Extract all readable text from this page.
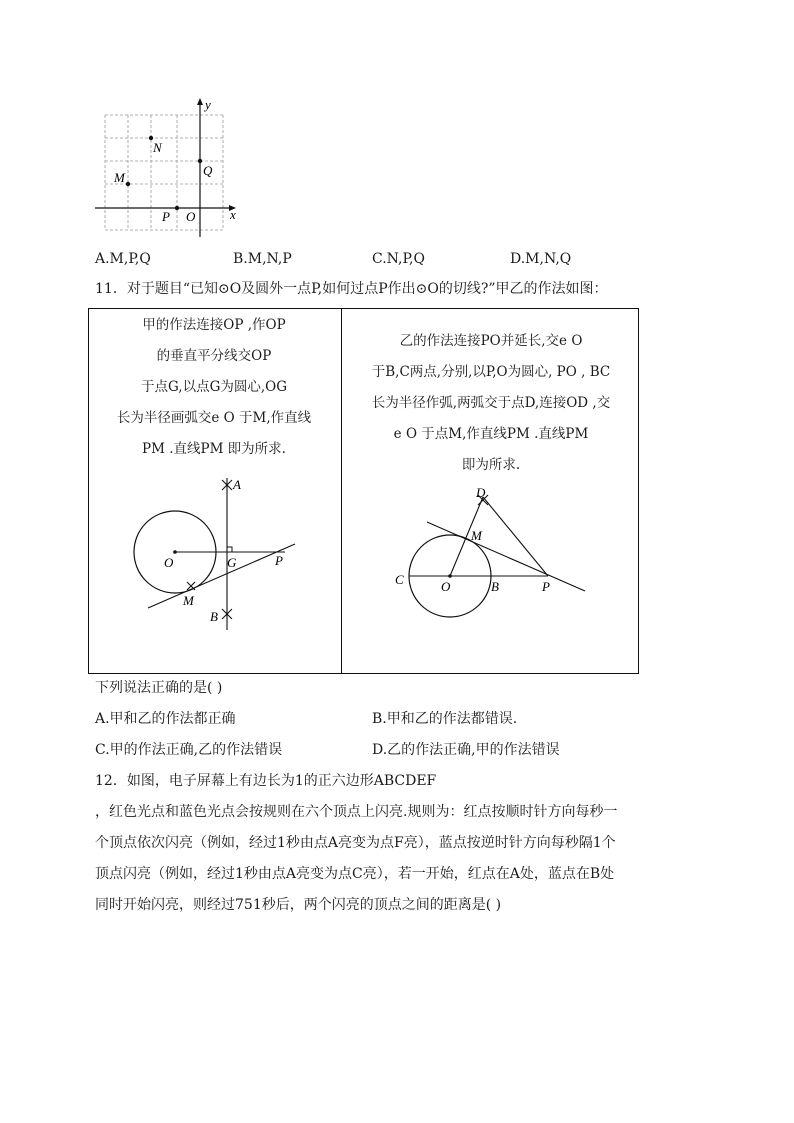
x
y
N
M	Q
P O
A.M,P,Q	B.M,N,P	C.N,P,Q	D.M,N,Q
11．对于题目“已知⊙O及圆外一点P,如何过点P作出⊙O的切线?”甲乙的作法如图：
甲的作法连接OP ,作OP
的垂直平分线交OP
于点G,以点G为圆心,OG
长为半径画弧交e O 于M,作直线
PM .直线PM 即为所求.
A
O	G	P
M
B
乙的作法连接PO并延长,交e O
于B,C两点,分别,以P,O为圆心, PO , BC
长为半径作弧,两弧交于点D,连接OD ,交
e O 于点M,作直线PM .直线PM
即为所求.
D
M
C	O	B	P
下列说法正确的是( )
A.甲和乙的作法都正确	B.甲和乙的作法都错误.
C.甲的作法正确,乙的作法错误	D.乙的作法正确,甲的作法错误
12．如图，电子屏幕上有边长为1的正六边形ABCDEF
，红色光点和蓝色光点会按规则在六个顶点上闪亮.规则为：红点按顺时针方向每秒一
个顶点依次闪亮（例如，经过1秒由点A亮变为点F亮），蓝点按逆时针方向每秒隔1个
顶点闪亮（例如，经过1秒由点A亮变为点C亮），若一开始，红点在A处，蓝点在B处
同时开始闪亮，则经过751秒后，两个闪亮的顶点之间的距离是( )
